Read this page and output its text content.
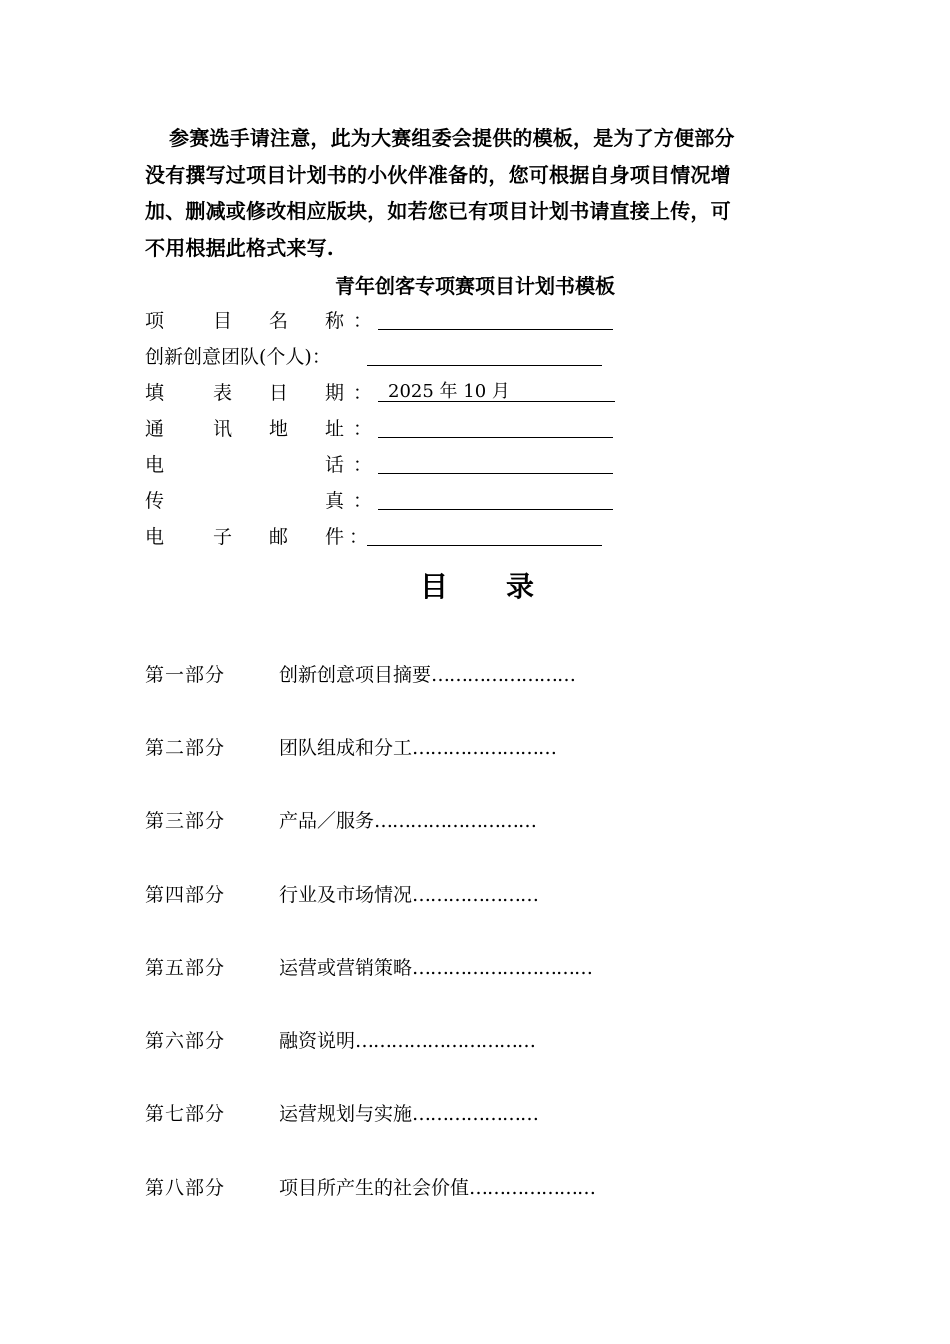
参赛选手请注意，此为大赛组委会提供的模板，是为了方便部分
没有撰写过项目计划书的小伙伴准备的，您可根据自身项目情况增
加、删减或修改相应版块，如若您已有项目计划书请直接上传，可
不用根据此格式来写.
青年创客专项赛项目计划书模板
项	目 名 称 ：
创新创意团队(个人)：
填	表 日 期 ： 2025 年 10 月
通	讯 地 址 ：
电	话 ：
传	真 ：
电	子 邮 件 ：
目 录
第一部分	创新创意项目摘要……………………
第二部分	团队组成和分工……………………
第三部分	产品／服务………………………
第四部分	行业及市场情况…………………
第五部分	运营或营销策略…………………………
第六部分	融资说明…………………………
第七部分	运营规划与实施…………………
第八部分	项目所产生的社会价值…………………
